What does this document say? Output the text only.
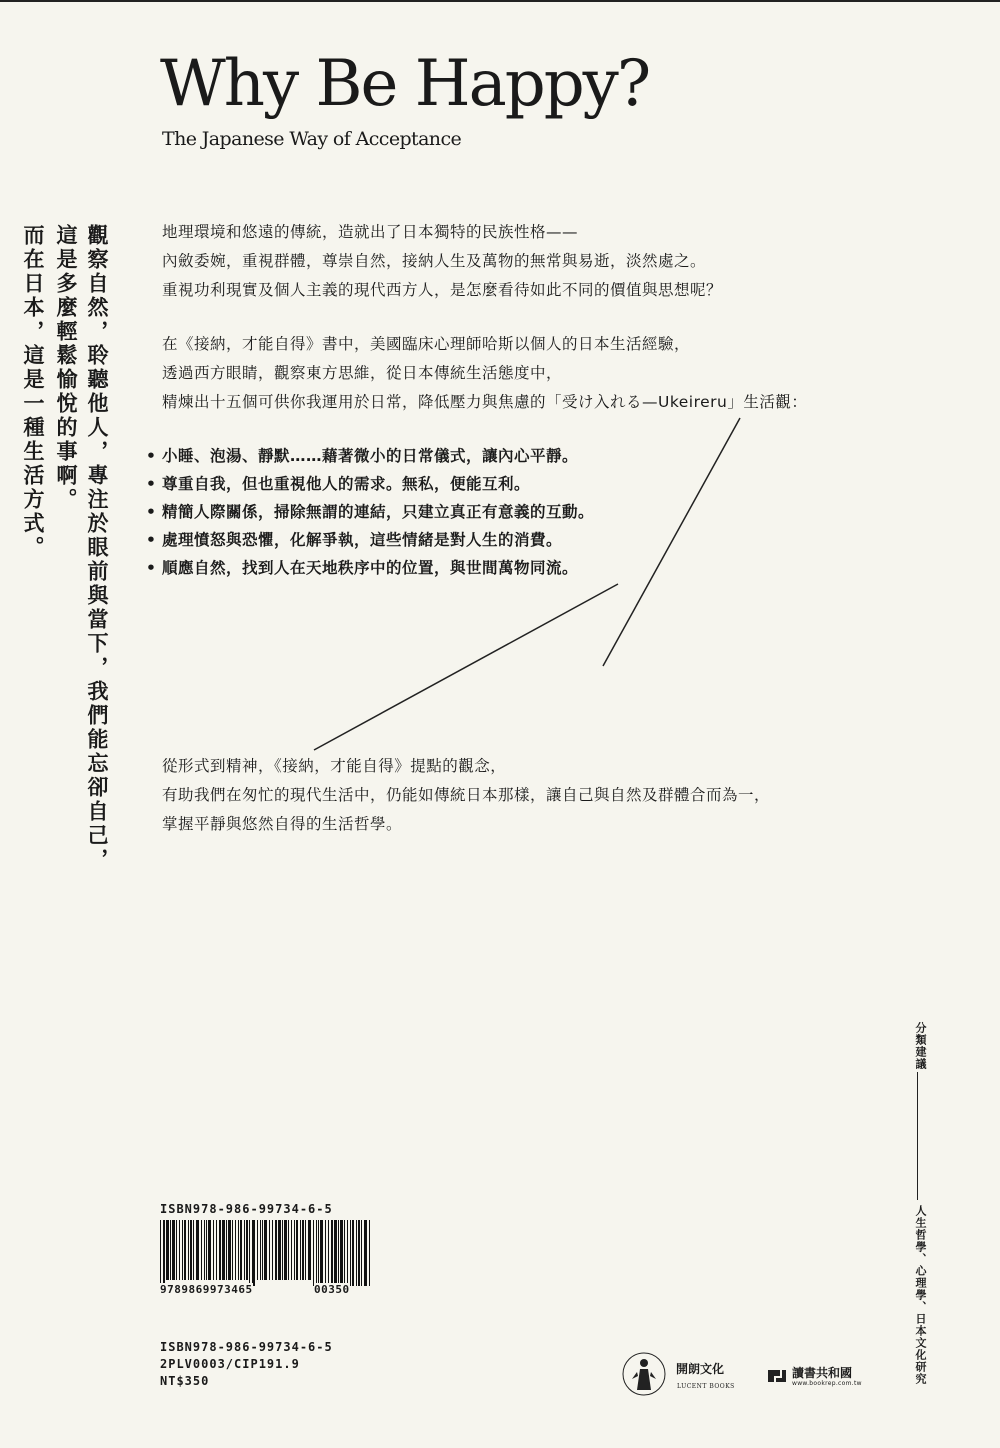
Why Be Happy?
The Japanese Way of Acceptance
觀察自然，聆聽他人，專注於眼前與當下，我們能忘卻自己，
這是多麼輕鬆愉悅的事啊。
而在日本，這是一種生活方式。	地理環境和悠遠的傳統，造就出了日本獨特的民族性格——
內斂委婉，重視群體，尊崇自然，接納人生及萬物的無常與易逝，淡然處之。
重視功利現實及個人主義的現代西方人，是怎麼看待如此不同的價值與思想呢？
在《接納，才能自得》書中，美國臨床心理師哈斯以個人的日本生活經驗，
透過西方眼睛，觀察東方思維，從日本傳統生活態度中，
精煉出十五個可供你我運用於日常，降低壓力與焦慮的「受け入れる—Ukeireru」生活觀：
• 小睡、泡湯、靜默……藉著微小的日常儀式，讓內心平靜。
• 尊重自我，但也重視他人的需求。無私，便能互利。
• 精簡人際關係，掃除無謂的連結，只建立真正有意義的互動。
• 處理憤怒與恐懼，化解爭執，這些情緒是對人生的消費。
• 順應自然，找到人在天地秩序中的位置，與世間萬物同流。
從形式到精神，《接納，才能自得》提點的觀念，
有助我們在匆忙的現代生活中，仍能如傳統日本那樣，讓自己與自然及群體合而為一，
掌握平靜與悠然自得的生活哲學。
分類建議
人生哲學、心理學、日本文化研究
ISBN978-986-99734-6-5
9789869973465	00350
ISBN978-986-99734-6-5
2PLV0003/CIP191.9
NT$350
開朗文化
LUCENT BOOKS
讀書共和國
www.bookrep.com.tw
